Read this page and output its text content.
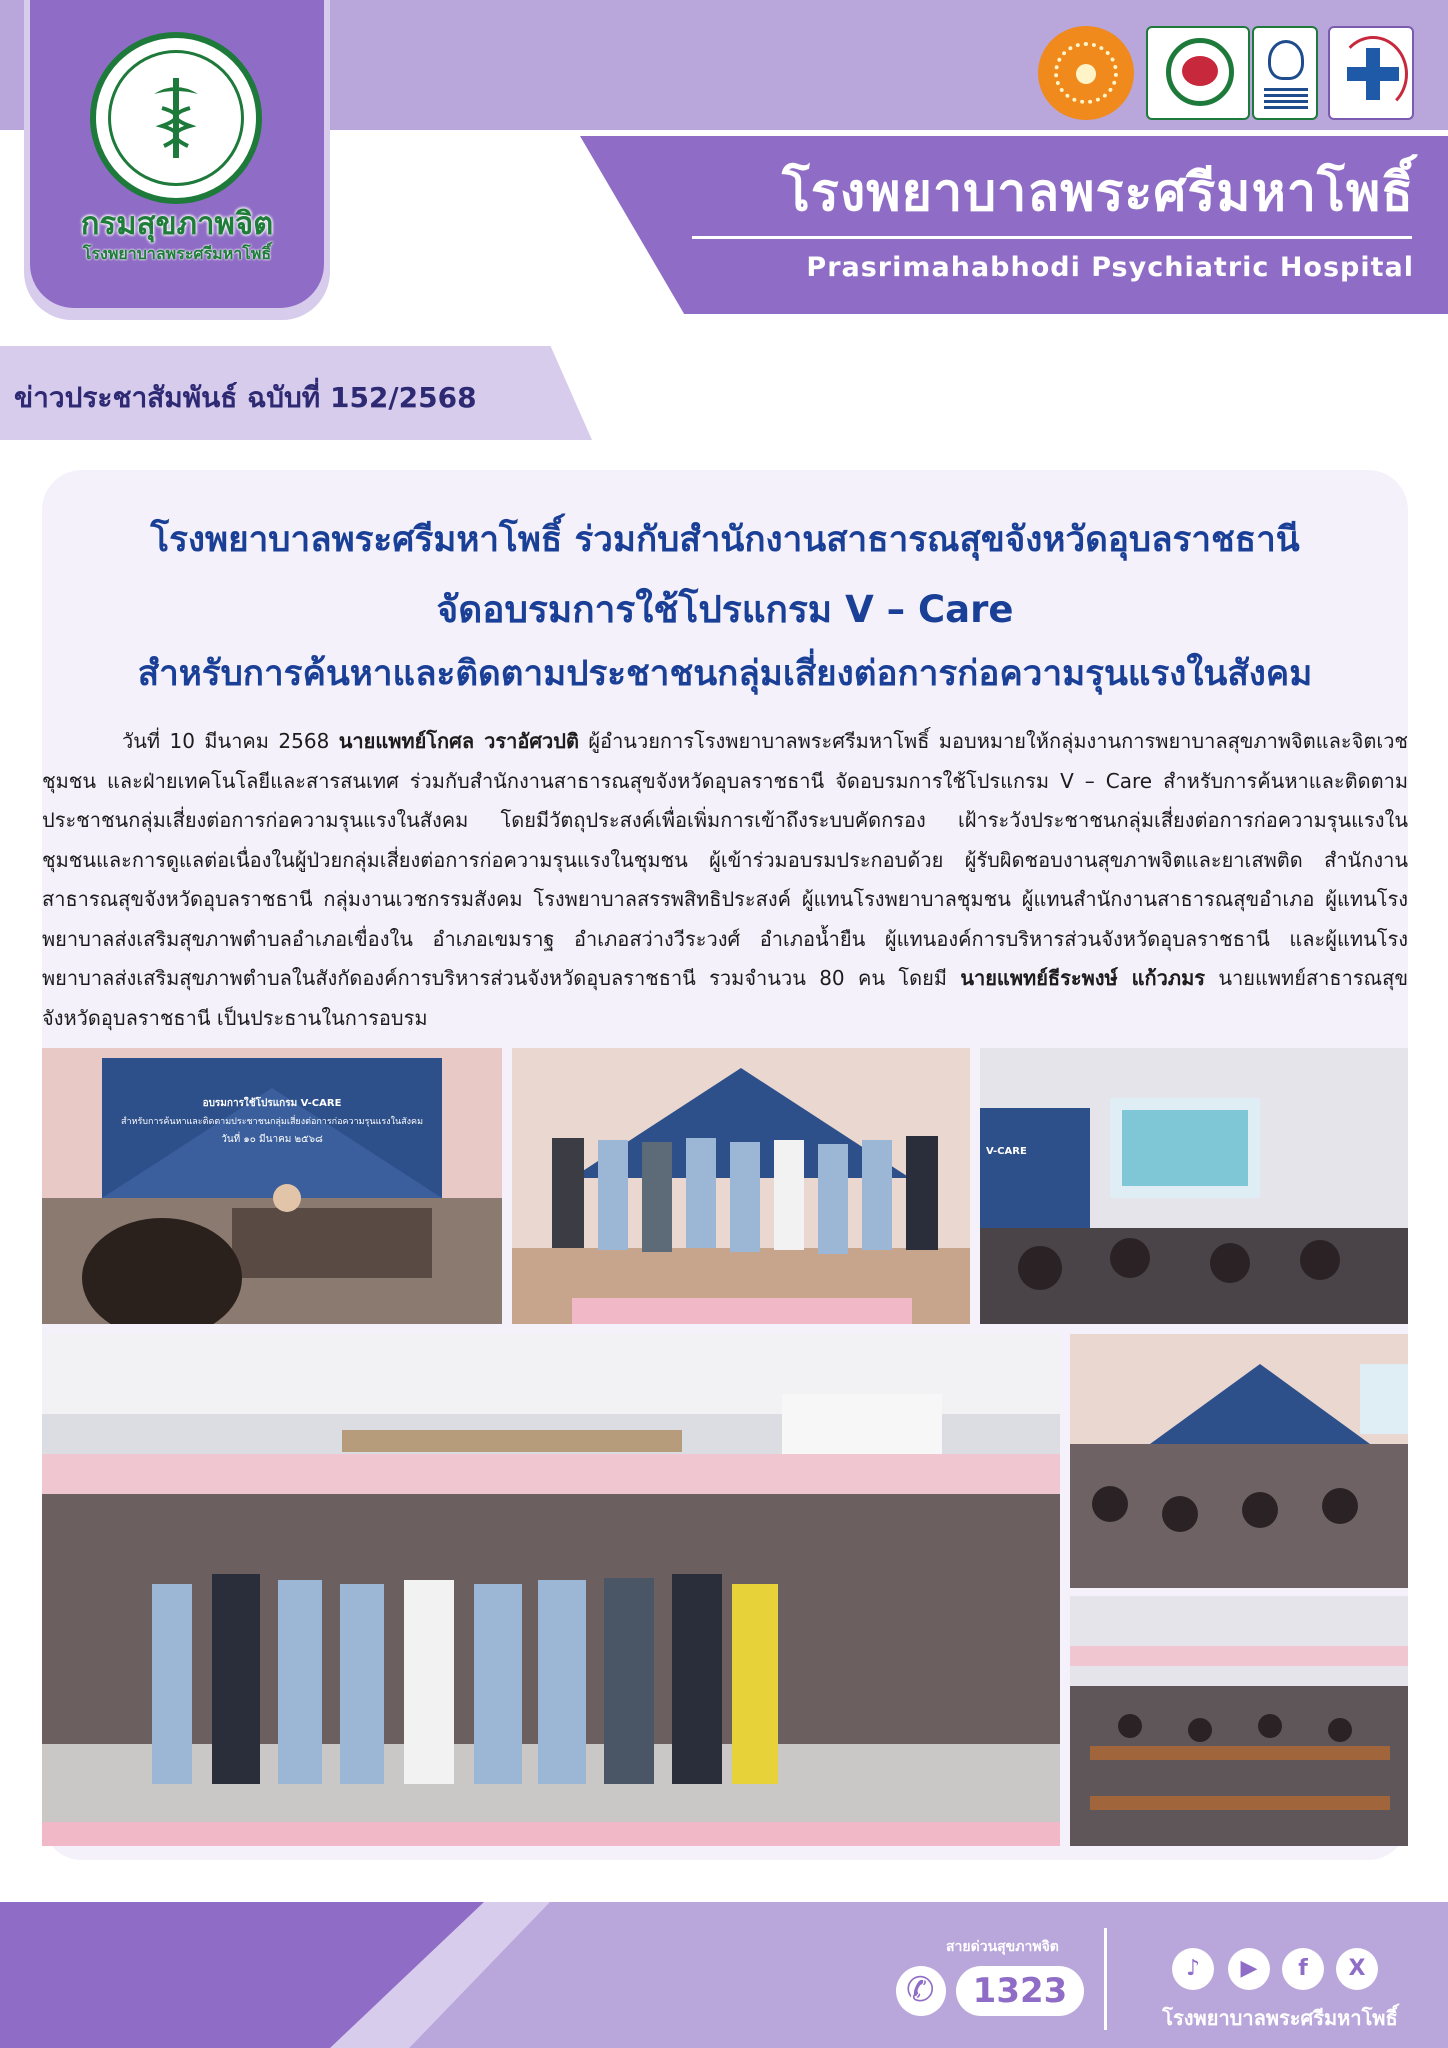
โรงพยาบาลพระศรีมหาโพธิ์
Prasrimahabhodi Psychiatric Hospital
กรมสุขภาพจิต
โรงพยาบาลพระศรีมหาโพธิ์
ข่าวประชาสัมพันธ์ ฉบับที่ 152/2568
โรงพยาบาลพระศรีมหาโพธิ์ ร่วมกับสำนักงานสาธารณสุขจังหวัดอุบลราชธานี
จัดอบรมการใช้โปรแกรม V – Care
สำหรับการค้นหาและติดตามประชาชนกลุ่มเสี่ยงต่อการก่อความรุนแรงในสังคม

    วันที่ 10 มีนาคม 2568 นายแพทย์โกศล วราอัศวปติ ผู้อำนวยการโรงพยาบาลพระศรีมหาโพธิ์ มอบหมายให้กลุ่มงานการพยาบาลสุขภาพจิตและจิตเวชชุมชน และฝ่ายเทคโนโลยีและสารสนเทศ ร่วมกับสำนักงานสาธารณสุขจังหวัดอุบลราชธานี จัดอบรมการใช้โปรแกรม V – Care สำหรับการค้นหาและติดตามประชาชนกลุ่มเสี่ยงต่อการก่อความรุนแรงในสังคม โดยมีวัตถุประสงค์เพื่อเพิ่มการเข้าถึงระบบคัดกรอง เฝ้าระวังประชาชนกลุ่มเสี่ยงต่อการก่อความรุนแรงในชุมชนและการดูแลต่อเนื่องในผู้ป่วยกลุ่มเสี่ยงต่อการก่อความรุนแรงในชุมชน ผู้เข้าร่วมอบรมประกอบด้วย ผู้รับผิดชอบงานสุขภาพจิตและยาเสพติด สำนักงานสาธารณสุขจังหวัดอุบลราชธานี กลุ่มงานเวชกรรมสังคม โรงพยาบาลสรรพสิทธิประสงค์ ผู้แทนโรงพยาบาลชุมชน ผู้แทนสำนักงานสาธารณสุขอำเภอ ผู้แทนโรงพยาบาลส่งเสริมสุขภาพตำบลอำเภอเขื่องใน อำเภอเขมราฐ อำเภอสว่างวีระวงศ์ อำเภอน้ำยืน ผู้แทนองค์การบริหารส่วนจังหวัดอุบลราชธานี และผู้แทนโรงพยาบาลส่งเสริมสุขภาพตำบลในสังกัดองค์การบริหารส่วนจังหวัดอุบลราชธานี รวมจำนวน 80 คน โดยมี นายแพทย์ธีระพงษ์ แก้วภมร นายแพทย์สาธารณสุขจังหวัดอุบลราชธานี เป็นประธานในการอบรม

อบรมการใช้โปรแกรม V-CARE
สำหรับการค้นหาและติดตามประชาชนกลุ่มเสี่ยงต่อการก่อความรุนแรงในสังคม
วันที่ ๑๐ มีนาคม ๒๕๖๘
V-CARE
สายด่วนสุขภาพจิต
✆
1323
♪	▶	f	X
โรงพยาบาลพระศรีมหาโพธิ์
